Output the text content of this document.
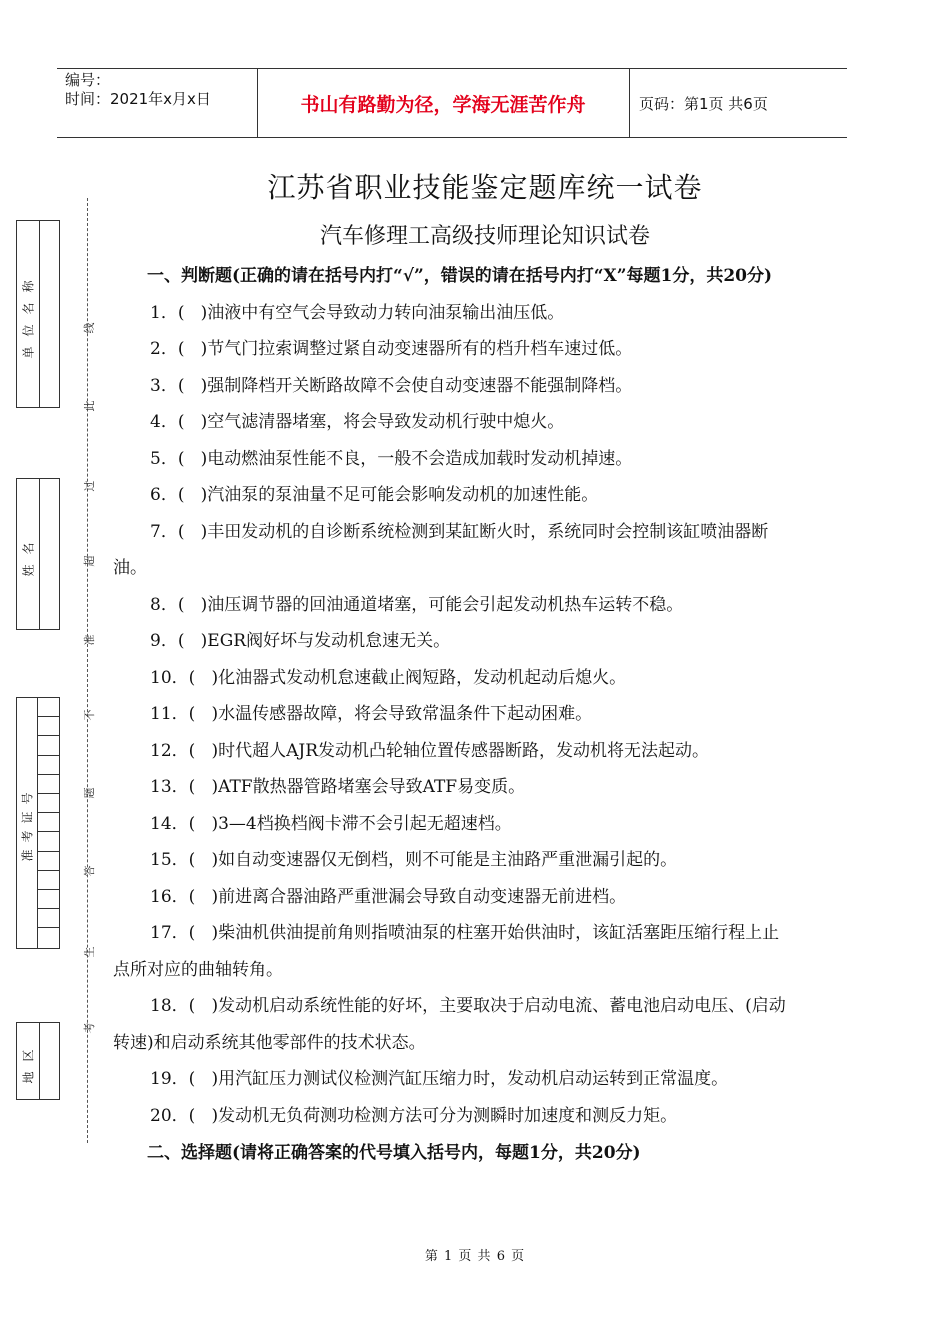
编号：
时间：2021年x月x日	书山有路勤为径，学海无涯苦作舟	页码：第1页 共6页
江苏省职业技能鉴定题库统一试卷
汽车修理工高级技师理论知识试卷

一、判断题(正确的请在括号内打“√”，错误的请在括号内打“X”每题1分，共20分)

1．( )油液中有空气会导致动力转向油泵输出油压低。

2．( )节气门拉索调整过紧自动变速器所有的档升档车速过低。

3．( )强制降档开关断路故障不会使自动变速器不能强制降档。

4．( )空气滤清器堵塞，将会导致发动机行驶中熄火。

5．( )电动燃油泵性能不良，一般不会造成加载时发动机掉速。

6．( )汽油泵的泵油量不足可能会影响发动机的加速性能。

7．( )丰田发动机的自诊断系统检测到某缸断火时，系统同时会控制该缸喷油器断油。

8．( )油压调节器的回油通道堵塞，可能会引起发动机热车运转不稳。

9．( )EGR阀好坏与发动机怠速无关。

10．( )化油器式发动机怠速截止阀短路，发动机起动后熄火。

11．( )水温传感器故障，将会导致常温条件下起动困难。

12．( )时代超人AJR发动机凸轮轴位置传感器断路，发动机将无法起动。

13．( )ATF散热器管路堵塞会导致ATF易变质。

14．( )3—4档换档阀卡滞不会引起无超速档。

15．( )如自动变速器仅无倒档，则不可能是主油路严重泄漏引起的。

16．( )前进离合器油路严重泄漏会导致自动变速器无前进档。

17．( )柴油机供油提前角则指喷油泵的柱塞开始供油时，该缸活塞距压缩行程上止点所对应的曲轴转角。

18．( )发动机启动系统性能的好坏，主要取决于启动电流、蓄电池启动电压、(启动转速)和启动系统其他零部件的技术状态。

19．( )用汽缸压力测试仪检测汽缸压缩力时，发动机启动运转到正常温度。

20．( )发动机无负荷测功检测方法可分为测瞬时加速度和测反力矩。

二、选择题(请将正确答案的代号填入括号内，每题1分，共20分)

第 1 页 共 6 页
单位名称
姓名
准考证号
地区
线
此
过
超
准
不
题
答
生
考
